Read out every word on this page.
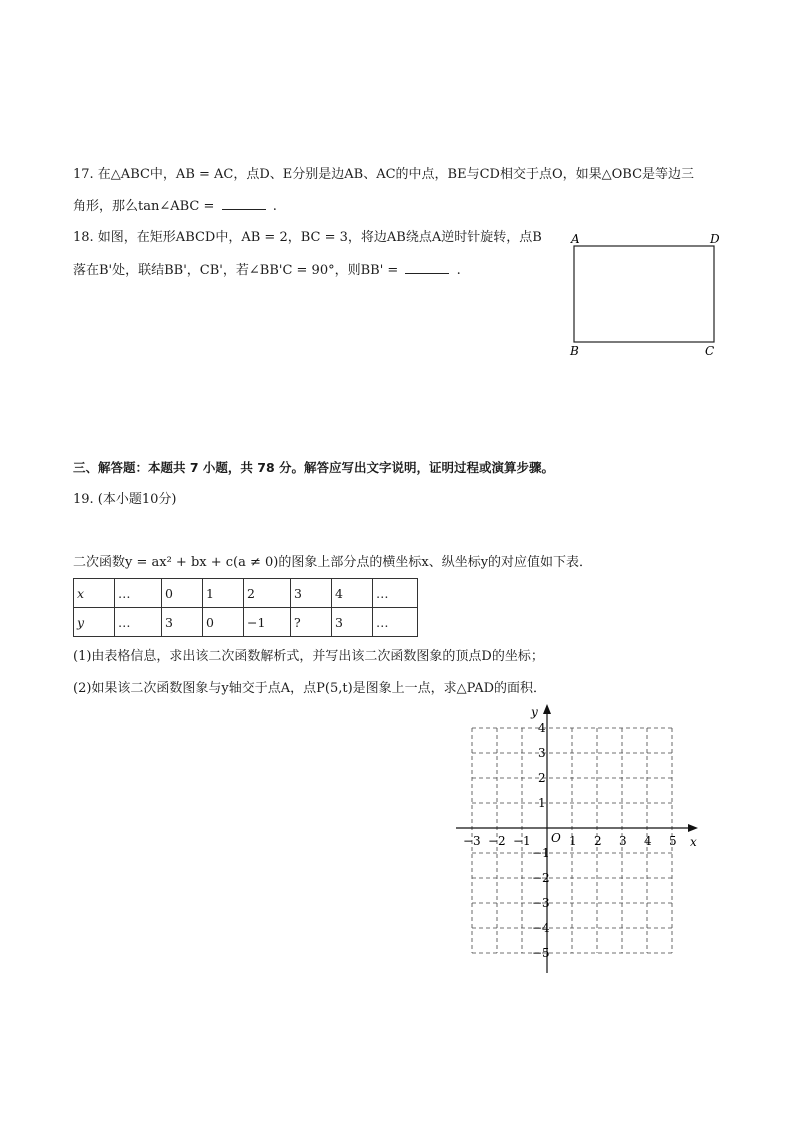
17. 在△ABC中，AB = AC，点D、E分别是边AB、AC的中点，BE与CD相交于点O，如果△OBC是等边三
角形，那么tan∠ABC =	.
18. 如图，在矩形ABCD中，AB = 2，BC = 3，将边AB绕点A逆时针旋转，点B
落在B'处，联结BB'，CB'，若∠BB'C = 90°，则BB' =	.
A	D
B	C
三、解答题：本题共 7 小题，共 78 分。解答应写出文字说明，证明过程或演算步骤。
19. (本小题10分)
二次函数y = ax² + bx + c(a ≠ 0)的图象上部分点的横坐标x、纵坐标y的对应值如下表．
x	…	0	1	2	3	4	…
y	…	3	0	−1	?	3	…
(1)由表格信息，求出该二次函数解析式，并写出该二次函数图象的顶点D的坐标；
(2)如果该二次函数图象与y轴交于点A，点P(5,t)是图象上一点，求△PAD的面积．
x
y
O
−3 −2 −1	1 2 3 4 5
4
3
2
1
−1
−2
−3
−4
−5
